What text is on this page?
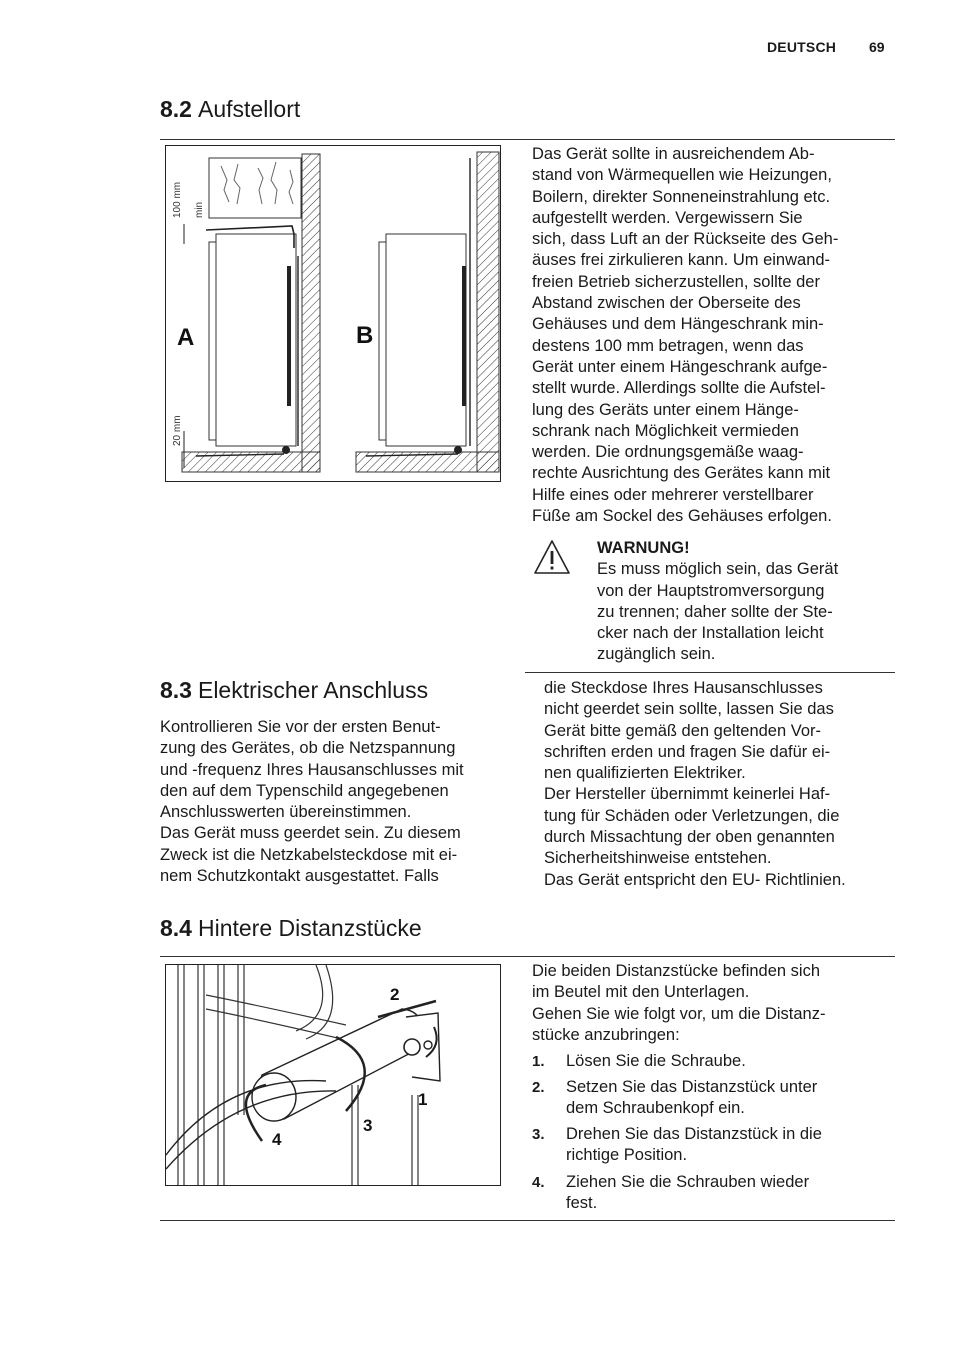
DEUTSCH 69
8.2 Aufstellort
100 mm min
20 mm
A	B
Das Gerät sollte in ausreichendem Ab-
stand von Wärmequellen wie Heizungen,
Boilern, direkter Sonneneinstrahlung etc.
aufgestellt werden. Vergewissern Sie
sich, dass Luft an der Rückseite des Geh-
äuses frei zirkulieren kann. Um einwand-
freien Betrieb sicherzustellen, sollte der
Abstand zwischen der Oberseite des
Gehäuses und dem Hängeschrank min-
destens 100 mm betragen, wenn das
Gerät unter einem Hängeschrank aufge-
stellt wurde. Allerdings sollte die Aufstel-
lung des Geräts unter einem Hänge-
schrank nach Möglichkeit vermieden
werden. Die ordnungsgemäße waag-
rechte Ausrichtung des Gerätes kann mit
Hilfe eines oder mehrerer verstellbarer
Füße am Sockel des Gehäuses erfolgen.
WARNUNG!
Es muss möglich sein, das Gerät
von der Hauptstromversorgung
zu trennen; daher sollte der Ste-
cker nach der Installation leicht
zugänglich sein.
8.3 Elektrischer Anschluss
Kontrollieren Sie vor der ersten Benut-
zung des Gerätes, ob die Netzspannung
und -frequenz Ihres Hausanschlusses mit
den auf dem Typenschild angegebenen
Anschlusswerten übereinstimmen.
Das Gerät muss geerdet sein. Zu diesem
Zweck ist die Netzkabelsteckdose mit ei-
nem Schutzkontakt ausgestattet. Falls
die Steckdose Ihres Hausanschlusses
nicht geerdet sein sollte, lassen Sie das
Gerät bitte gemäß den geltenden Vor-
schriften erden und fragen Sie dafür ei-
nen qualifizierten Elektriker.
Der Hersteller übernimmt keinerlei Haf-
tung für Schäden oder Verletzungen, die
durch Missachtung der oben genannten
Sicherheitshinweise entstehen.
Das Gerät entspricht den EU- Richtlinien.
8.4 Hintere Distanzstücke
2
1
3
4
Die beiden Distanzstücke befinden sich
im Beutel mit den Unterlagen.
Gehen Sie wie folgt vor, um die Distanz-
stücke anzubringen:
1. Lösen Sie die Schraube.
2. Setzen Sie das Distanzstück unter
dem Schraubenkopf ein.
3. Drehen Sie das Distanzstück in die
richtige Position.
4. Ziehen Sie die Schrauben wieder
fest.
